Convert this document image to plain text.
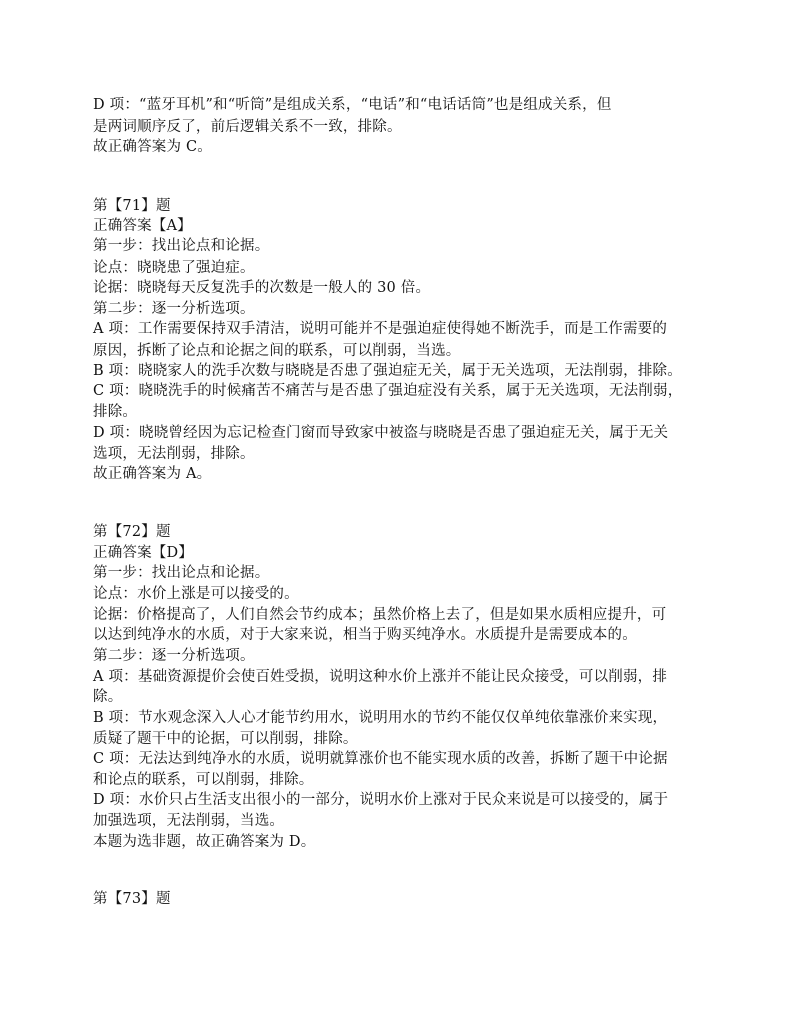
D 项：“蓝牙耳机”和“听筒”是组成关系，“电话”和“电话话筒”也是组成关系，但
是两词顺序反了，前后逻辑关系不一致，排除。
故正确答案为 C。
第【71】题
正确答案【A】
第一步：找出论点和论据。
论点：晓晓患了强迫症。
论据：晓晓每天反复洗手的次数是一般人的 30 倍。
第二步：逐一分析选项。
A 项：工作需要保持双手清洁，说明可能并不是强迫症使得她不断洗手，而是工作需要的
原因，拆断了论点和论据之间的联系，可以削弱，当选。
B 项：晓晓家人的洗手次数与晓晓是否患了强迫症无关，属于无关选项，无法削弱，排除。
C 项：晓晓洗手的时候痛苦不痛苦与是否患了强迫症没有关系，属于无关选项，无法削弱，
排除。
D 项：晓晓曾经因为忘记检查门窗而导致家中被盗与晓晓是否患了强迫症无关，属于无关
选项，无法削弱，排除。
故正确答案为 A。
第【72】题
正确答案【D】
第一步：找出论点和论据。
论点：水价上涨是可以接受的。
论据：价格提高了，人们自然会节约成本；虽然价格上去了，但是如果水质相应提升，可
以达到纯净水的水质，对于大家来说，相当于购买纯净水。水质提升是需要成本的。
第二步：逐一分析选项。
A 项：基础资源提价会使百姓受损，说明这种水价上涨并不能让民众接受，可以削弱，排
除。
B 项：节水观念深入人心才能节约用水，说明用水的节约不能仅仅单纯依靠涨价来实现，
质疑了题干中的论据，可以削弱，排除。
C 项：无法达到纯净水的水质，说明就算涨价也不能实现水质的改善，拆断了题干中论据
和论点的联系，可以削弱，排除。
D 项：水价只占生活支出很小的一部分，说明水价上涨对于民众来说是可以接受的，属于
加强选项，无法削弱，当选。
本题为选非题，故正确答案为 D。
第【73】题
